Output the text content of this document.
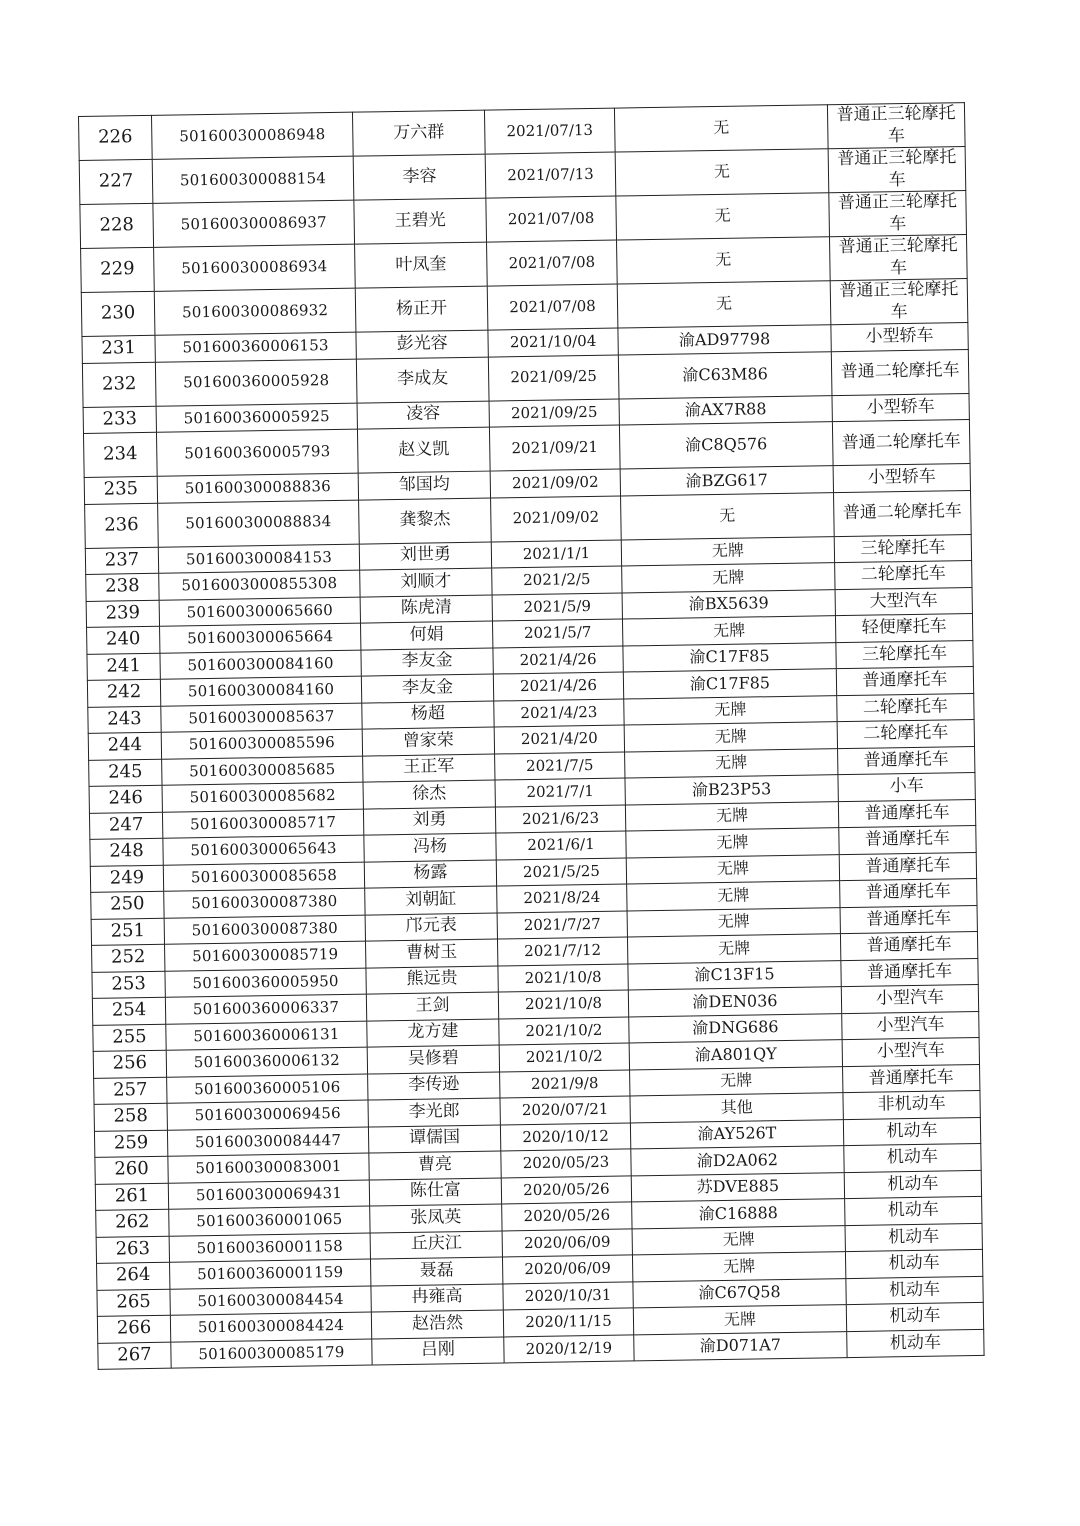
226	501600300086948	万六群	2021/07/13	无	普通正三轮摩托车
227	501600300088154	李容	2021/07/13	无	普通正三轮摩托车
228	501600300086937	王碧光	2021/07/08	无	普通正三轮摩托车
229	501600300086934	叶凤奎	2021/07/08	无	普通正三轮摩托车
230	501600300086932	杨正开	2021/07/08	无	普通正三轮摩托车
231	501600360006153	彭光容	2021/10/04	渝AD97798	小型轿车
232	501600360005928	李成友	2021/09/25	渝C63M86	普通二轮摩托车
233	501600360005925	凌容	2021/09/25	渝AX7R88	小型轿车
234	501600360005793	赵义凯	2021/09/21	渝C8Q576	普通二轮摩托车
235	501600300088836	邹国均	2021/09/02	渝BZG617	小型轿车
236	501600300088834	龚黎杰	2021/09/02	无	普通二轮摩托车
237	501600300084153	刘世勇	2021/1/1	无牌	三轮摩托车
238	5016003000855308	刘顺才	2021/2/5	无牌	二轮摩托车
239	501600300065660	陈虎清	2021/5/9	渝BX5639	大型汽车
240	501600300065664	何娟	2021/5/7	无牌	轻便摩托车
241	501600300084160	李友金	2021/4/26	渝C17F85	三轮摩托车
242	501600300084160	李友金	2021/4/26	渝C17F85	普通摩托车
243	501600300085637	杨超	2021/4/23	无牌	二轮摩托车
244	501600300085596	曾家荣	2021/4/20	无牌	二轮摩托车
245	501600300085685	王正军	2021/7/5	无牌	普通摩托车
246	501600300085682	徐杰	2021/7/1	渝B23P53	小车
247	501600300085717	刘勇	2021/6/23	无牌	普通摩托车
248	501600300065643	冯杨	2021/6/1	无牌	普通摩托车
249	501600300085658	杨露	2021/5/25	无牌	普通摩托车
250	501600300087380	刘朝缸	2021/8/24	无牌	普通摩托车
251	501600300087380	邝元表	2021/7/27	无牌	普通摩托车
252	501600300085719	曹树玉	2021/7/12	无牌	普通摩托车
253	501600360005950	熊远贵	2021/10/8	渝C13F15	普通摩托车
254	501600360006337	王剑	2021/10/8	渝DEN036	小型汽车
255	501600360006131	龙方建	2021/10/2	渝DNG686	小型汽车
256	501600360006132	吴修碧	2021/10/2	渝A801QY	小型汽车
257	501600360005106	李传逊	2021/9/8	无牌	普通摩托车
258	501600300069456	李光郎	2020/07/21	其他	非机动车
259	501600300084447	谭儒国	2020/10/12	渝AY526T	机动车
260	501600300083001	曹亮	2020/05/23	渝D2A062	机动车
261	501600300069431	陈仕富	2020/05/26	苏DVE885	机动车
262	501600360001065	张凤英	2020/05/26	渝C16888	机动车
263	501600360001158	丘庆江	2020/06/09	无牌	机动车
264	501600360001159	聂磊	2020/06/09	无牌	机动车
265	501600300084454	冉雍高	2020/10/31	渝C67Q58	机动车
266	501600300084424	赵浩然	2020/11/15	无牌	机动车
267	501600300085179	吕刚	2020/12/19	渝D071A7	机动车
